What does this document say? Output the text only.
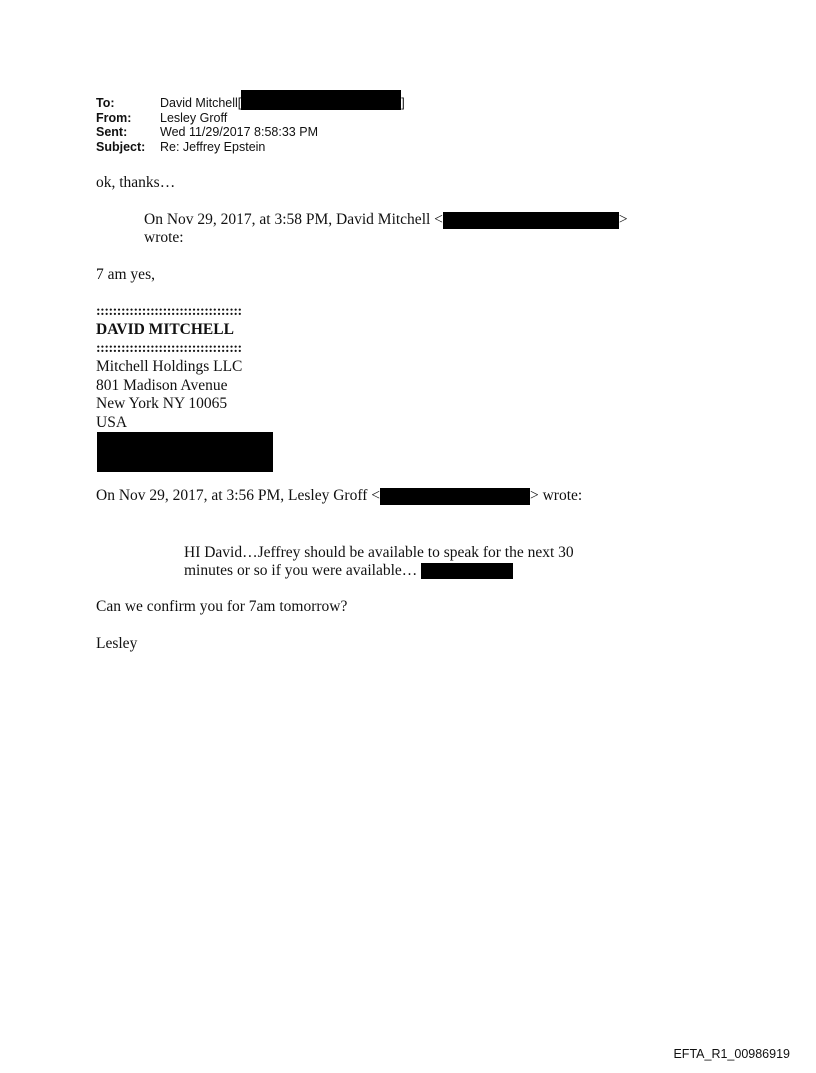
To:	David Mitchell[	]
From:	Lesley Groff
Sent:	Wed 11/29/2017 8:58:33 PM
Subject:	Re: Jeffrey Epstein
ok, thanks…
On Nov 29, 2017, at 3:58 PM, David Mitchell <	>
wrote:
7 am yes,
:::::::::::::::::::::::::::::::::::
DAVID MITCHELL
:::::::::::::::::::::::::::::::::::
Mitchell Holdings LLC
801 Madison Avenue
New York NY 10065
USA
On Nov 29, 2017, at 3:56 PM, Lesley Groff <	> wrote:
HI David…Jeffrey should be available to speak for the next 30
minutes or so if you were available…
Can we confirm you for 7am tomorrow?
Lesley
EFTA_R1_00986919
